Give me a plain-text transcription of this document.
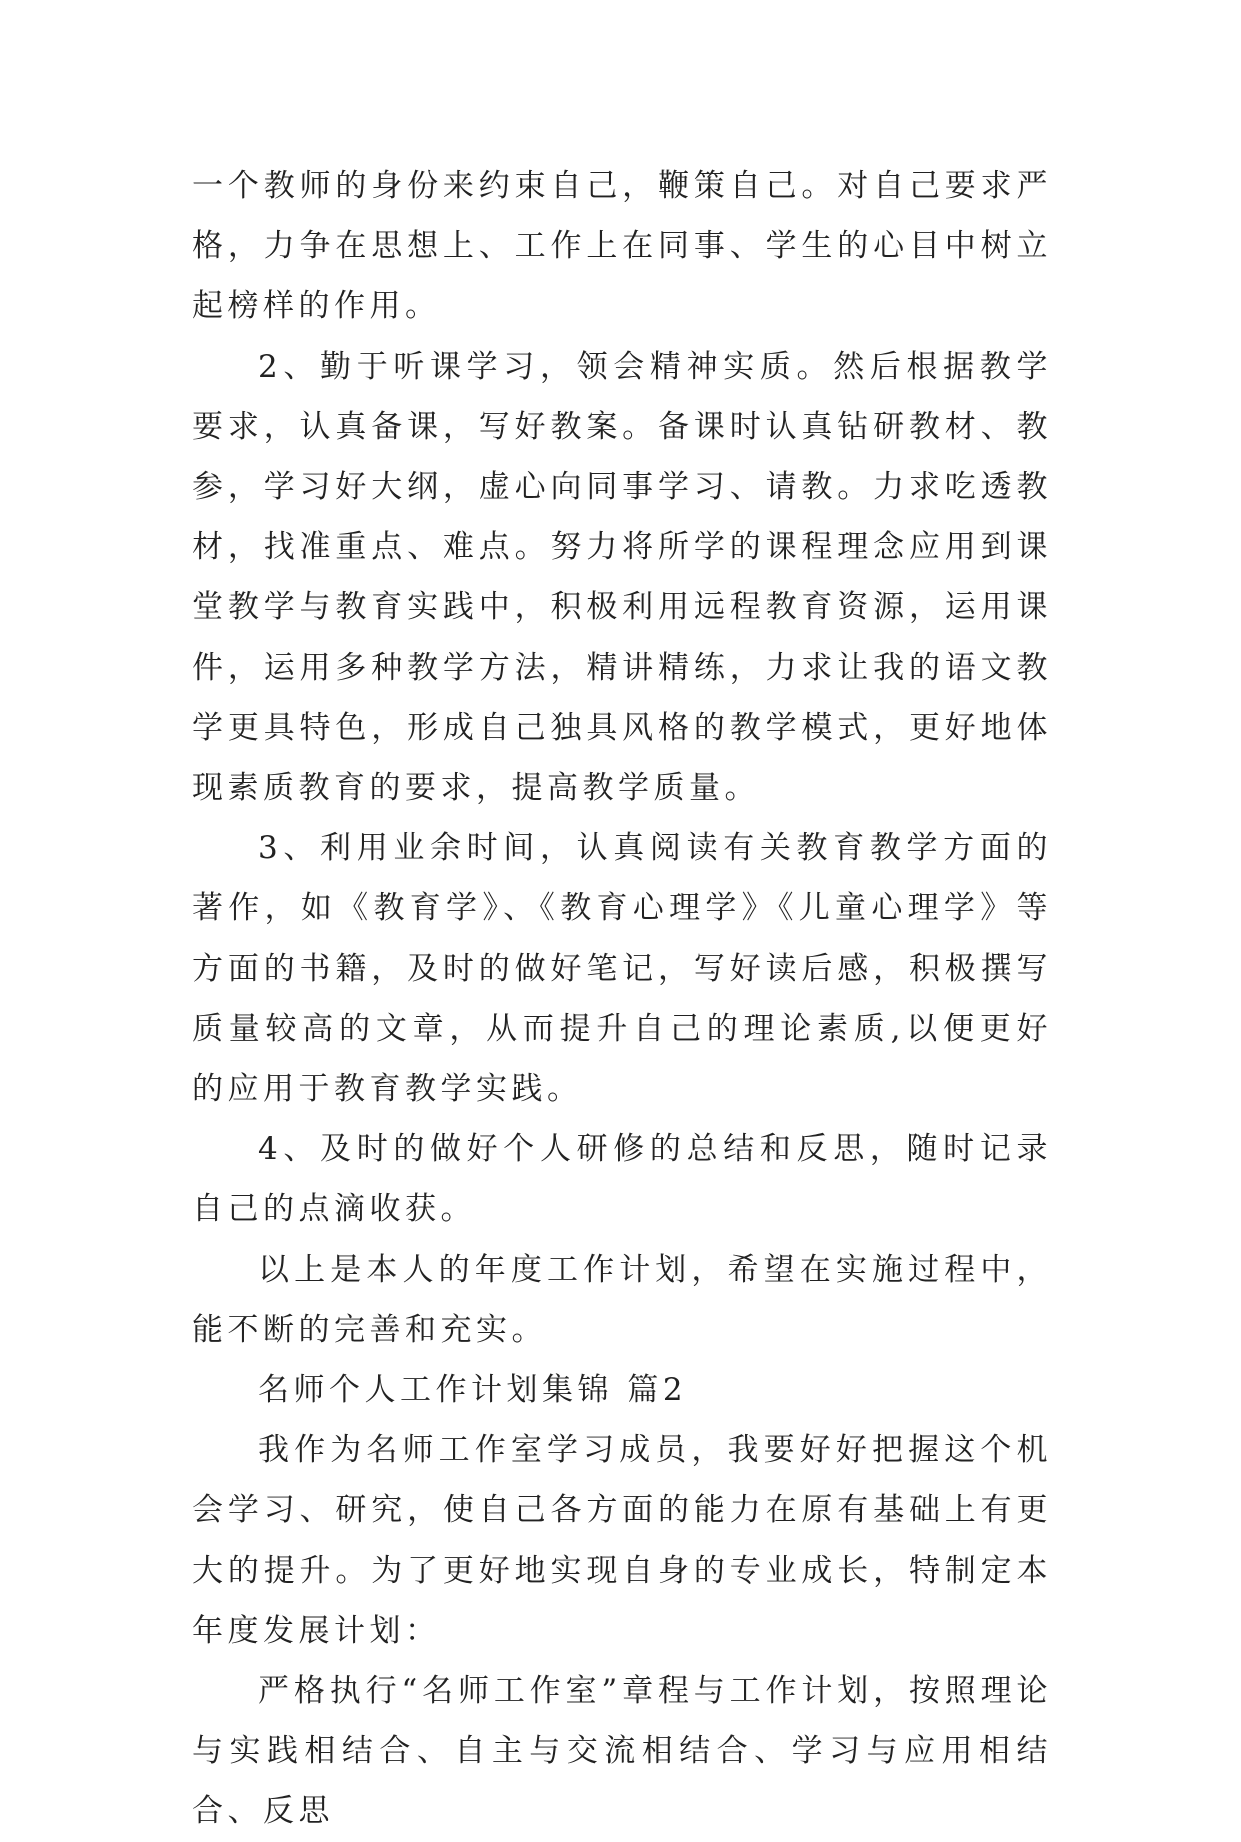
一个教师的身份来约束自己，鞭策自己。对自己要求严格，力争在思想上、工作上在同事、学生的心目中树立起榜样的作用。

2、勤于听课学习，领会精神实质。然后根据教学要求，认真备课，写好教案。备课时认真钻研教材、教参，学习好大纲，虚心向同事学习、请教。力求吃透教材，找准重点、难点。努力将所学的课程理念应用到课堂教学与教育实践中，积极利用远程教育资源，运用课件，运用多种教学方法，精讲精练，力求让我的语文教学更具特色，形成自己独具风格的教学模式，更好地体现素质教育的要求，提高教学质量。

3、利用业余时间，认真阅读有关教育教学方面的著作，如《教育学》、《教育心理学》《儿童心理学》等方面的书籍，及时的做好笔记，写好读后感，积极撰写质量较高的文章，从而提升自己的理论素质,以便更好的应用于教育教学实践。

4、及时的做好个人研修的总结和反思，随时记录自己的点滴收获。

以上是本人的年度工作计划，希望在实施过程中，能不断的完善和充实。

名师个人工作计划集锦 篇2

我作为名师工作室学习成员，我要好好把握这个机会学习、研究，使自己各方面的能力在原有基础上有更大的提升。为了更好地实现自身的专业成长，特制定本年度发展计划：

严格执行“名师工作室”章程与工作计划，按照理论与实践相结合、自主与交流相结合、学习与应用相结合、反思
